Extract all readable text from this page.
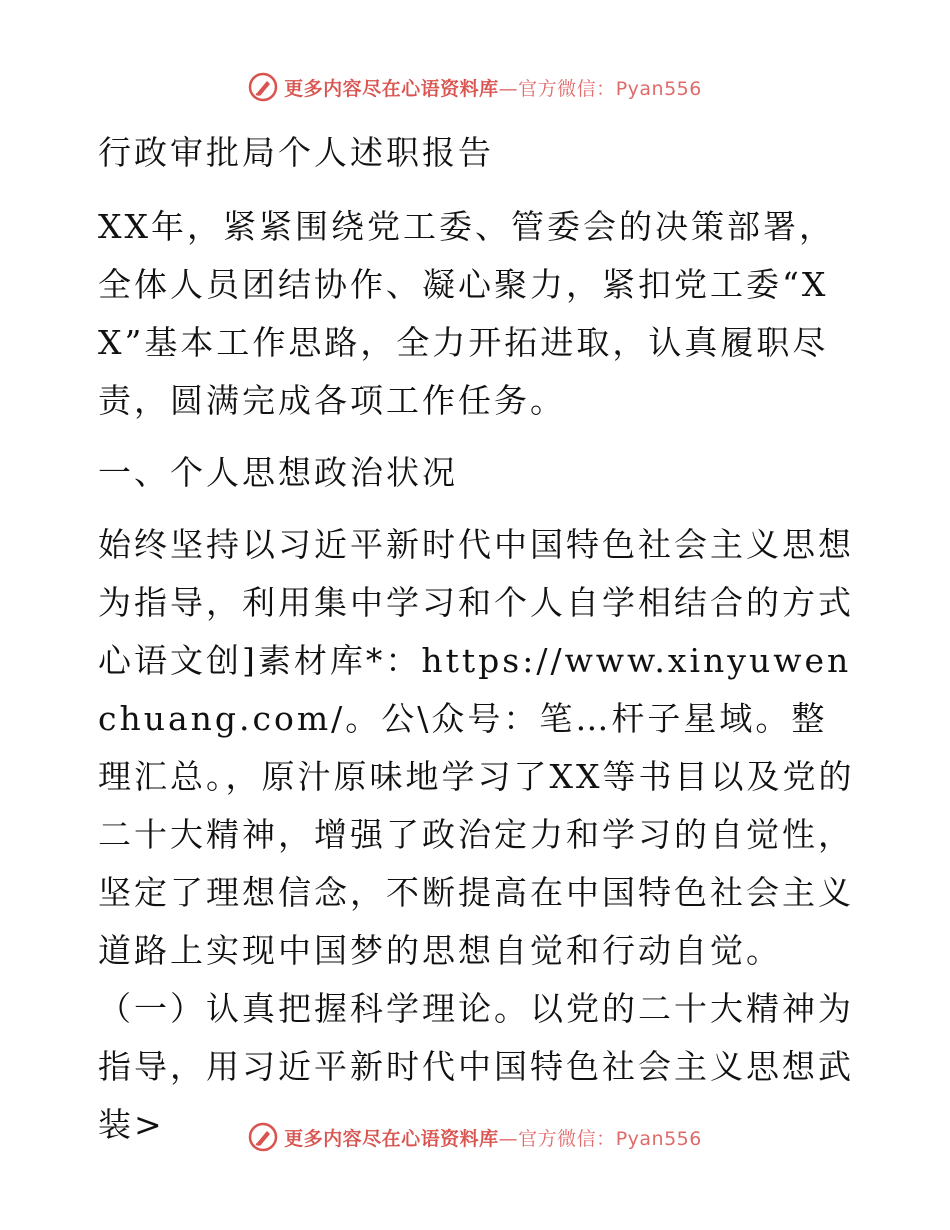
更多内容尽在心语资料库—官方微信：Pyan556

行政审批局个人述职报告

XX年，紧紧围绕党工委、管委会的决策部署，全体人员团结协作、凝心聚力，紧扣党工委“XX”基本工作思路，全力开拓进取，认真履职尽责，圆满完成各项工作任务。

一、个人思想政治状况

始终坚持以习近平新时代中国特色社会主义思想为指导，利用集中学习和个人自学相结合的方式心语文创]素材库*：https://www.xinyuwenchuang.com/。公\众号：笔…杆子星域。整理汇总。，原汁原味地学习了XX等书目以及党的二十大精神，增强了政治定力和学习的自觉性，坚定了理想信念，不断提高在中国特色社会主义道路上实现中国梦的思想自觉和行动自觉。

（一）认真把握科学理论。以党的二十大精神为指导，用习近平新时代中国特色社会主义思想武装>	更多内容尽在心语资料库—官方微信：Pyan556
